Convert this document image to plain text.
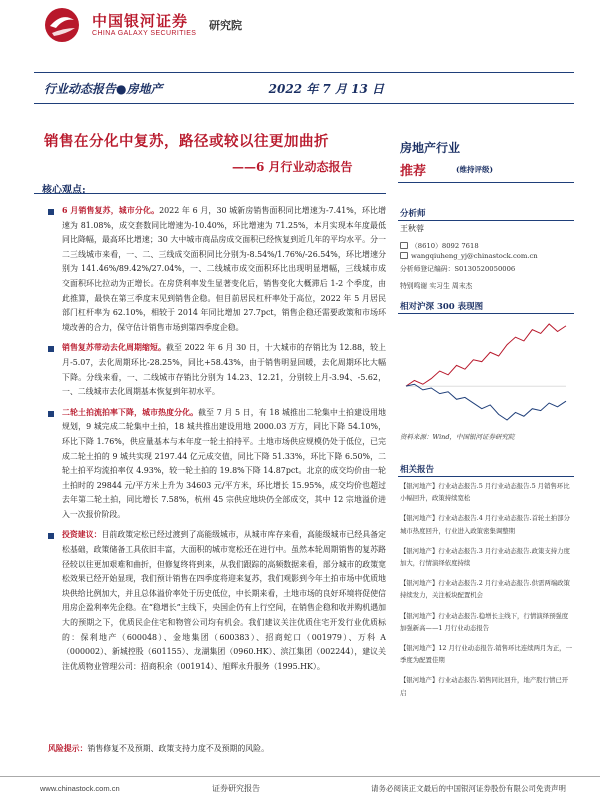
中国银河证券
CHINA GALAXY SECURITIES
研究院
行业动态报告●房地产	2022 年 7 月 13 日
销售在分化中复苏，路径或较以往更加曲折
——6 月行业动态报告
核心观点:
6 月销售复苏，城市分化。2022 年 6 月，30 城新房销售面积同比增速为-7.41%，环比增速为 81.08%，成交套数同比增速为-10.40%，环比增速为 71.25%，本月实现本年度最低同比降幅，最高环比增速；30 大中城市商品房成交面积已经恢复到近几年的平均水平。分一二三线城市来看，一、二、三线成交面积同比分别为-8.54%/1.76%/-26.54%，环比增速分别为 141.46%/89.42%/27.04%，一、二线城市成交面积环比出现明显增幅，三线城市成交面积环比拉动为正增长。在房贷利率发生显著变化后，销售变化大概滞后 1-2 个季度，由此推算，最快在第三季度末见到销售企稳。但目前居民杠杆率处于高位，2022 年 5 月居民部门杠杆率为 62.10%，相较于 2014 年同比增加 27.7pct，销售企稳还需要政策和市场环境改善的合力，保守估计销售市场到第四季度企稳。
销售复苏带动去化周期缩短。截至 2022 年 6 月 30 日，十大城市的存销比为 12.88，较上月-5.07，去化周期环比-28.25%，同比+58.43%，由于销售明显回暖，去化周期环比大幅下降。分线来看，一、二线城市存销比分别为 14.23、12.21，分别较上月-3.94、-5.62，一、二线城市去化周期基本恢复到年初水平。
二轮土拍流拍率下降，城市热度分化。截至 7 月 5 日，有 18 城推出二轮集中土拍建设用地规划，9 城完成二轮集中土拍，18 城共推出建设用地 2000.03 万方，同比下降 54.10%，环比下降 1.76%，供应量基本与本年度一轮土拍持平。土地市场供应规模仍处于低位，已完成二轮土拍的 9 城共实现 2197.44 亿元成交值，同比下降 51.33%，环比下降 6.50%，二轮土拍平均流拍率仅 4.93%，较一轮土拍的 19.8%下降 14.87pct。北京的成交均价由一轮土拍时的 29844 元/平方米上升为 34603 元/平方米，环比增长 15.95%，成交均价也超过去年第二轮土拍，同比增长 7.58%，杭州 45 宗供应地块仍全部成交，其中 12 宗地溢价进入一次报价阶段。
投资建议：目前政策定松已经过渡到了高能级城市，从城市库存来看，高能级城市已经具备定松基础，政策储备工具依旧丰富，大面积的城市宽松还在进行中。虽然本轮周期销售的复苏路径较以往更加艰难和曲折，但修复终将到来，从我们跟踪的高频数据来看，部分城市的政策宽松效果已经开始显现，我们预计销售在四季度将迎来复苏，我们观影到今年土拍市场中优质地块供给比例加大，并且总体溢价率处于历史低位，中长期来看，土地市场的良好环境将促使信用房企盈利率先企稳。在“稳增长”主线下，央国企仍有上行空间，在销售企稳和收并购机遇加大的预期之下，优质民企住宅和物管公司均有机会。我们建议关注优质住宅开发行业优质标的：保利地产（600048）、金地集团（600383）、招商蛇口（001979）、万科 A（000002）、新城控股（601155）、龙湖集团（0960.HK）、滨江集团（002244），建议关注优质物业管理公司：招商积余（001914）、旭辉永升服务（1995.HK）。
风险提示：销售修复不及预期、政策支持力度不及预期的风险。
房地产行业
推荐	(维持评级)
分析师
王秋蓉
（8610）8092 7618
wangqiuheng_yj@chinastock.com.cn
分析师登记编码：S0130520050006
特别鸣谢 实习生 周末杰
相对沪深 300 表现图
资料来源：Wind，中国银河证券研究院
相关报告
【银河地产】行业动态报告.5 月行业动态报告.5 月销售环比小幅回升，政策持续宽松
【银河地产】行业动态报告.4 月行业动态报告.首轮土拍部分城市热度回升，行业进入政策密集调整期
【银河地产】行业动态报告.3 月行业动态报告.政策支持力度加大，行情演绎依度持续
【银河地产】行业动态报告.2 月行业动态报告.供需两端政策持续发力，关注板块配置机会
【银河地产】行业动态报告.稳增长主线下，行情演绎预强度加强新高——1 月行业动态报告
【银河地产】12 月行业动态报告.销售环比连续两月为正，一季度为配置佳期
【银河地产】行业动态报告.销售同比回升，地产股行情已开启
www.chinastock.com.cn	证券研究报告	请务必阅读正文最后的中国银河证券股份有限公司免责声明
